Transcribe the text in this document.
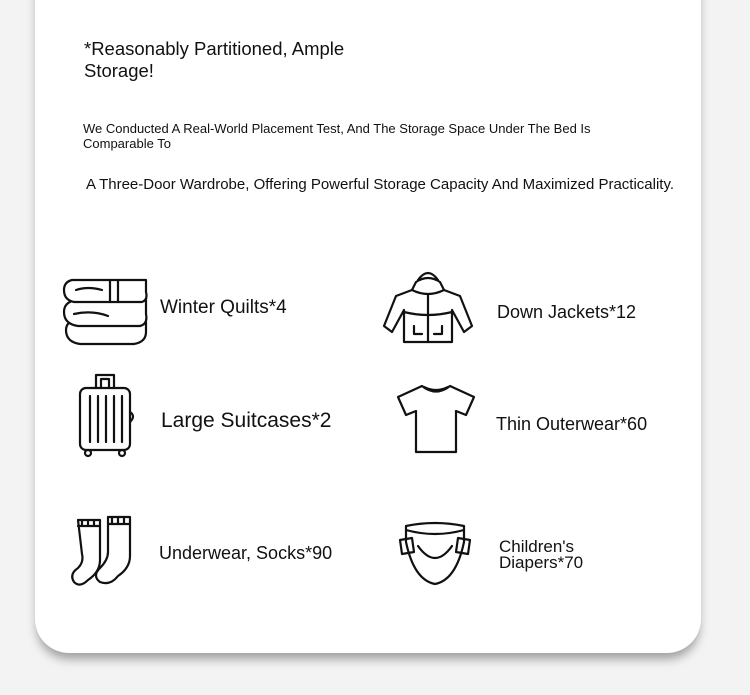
*Reasonably Partitioned, Ample Storage!

We Conducted A Real-World Placement Test, And The Storage Space Under The Bed Is Comparable To

A Three-Door Wardrobe, Offering Powerful Storage Capacity And Maximized Practicality.

Winter Quilts*4	Down Jackets*12

Large Suitcases*2	Thin Outerwear*60

Underwear, Socks*90	Children's Diapers*70
